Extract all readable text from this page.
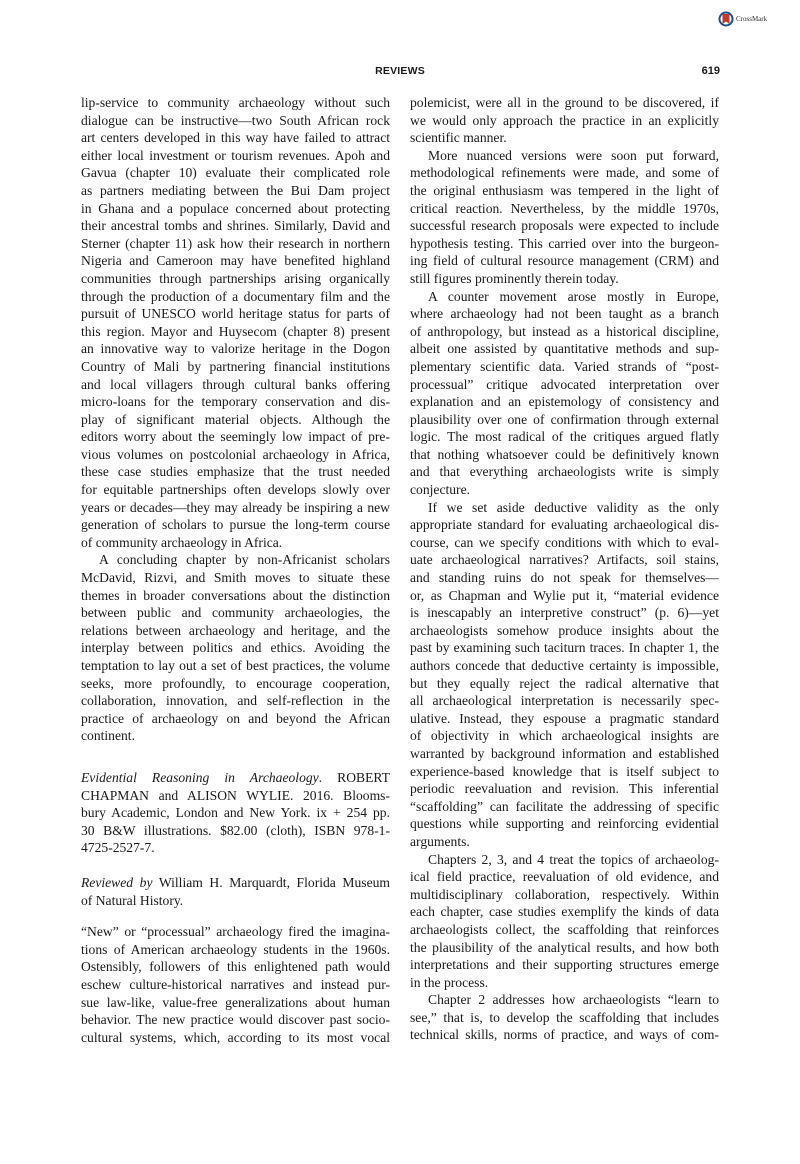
CrossMark
REVIEWS	619
lip-service to community archaeology without such
dialogue can be instructive—two South African rock
art centers developed in this way have failed to attract
either local investment or tourism revenues. Apoh and
Gavua (chapter 10) evaluate their complicated role
as partners mediating between the Bui Dam project
in Ghana and a populace concerned about protecting
their ancestral tombs and shrines. Similarly, David and
Sterner (chapter 11) ask how their research in northern
Nigeria and Cameroon may have benefited highland
communities through partnerships arising organically
through the production of a documentary film and the
pursuit of UNESCO world heritage status for parts of
this region. Mayor and Huysecom (chapter 8) present
an innovative way to valorize heritage in the Dogon
Country of Mali by partnering financial institutions
and local villagers through cultural banks offering
micro-loans for the temporary conservation and dis-
play of significant material objects. Although the
editors worry about the seemingly low impact of pre-
vious volumes on postcolonial archaeology in Africa,
these case studies emphasize that the trust needed
for equitable partnerships often develops slowly over
years or decades—they may already be inspiring a new
generation of scholars to pursue the long-term course
of community archaeology in Africa.
A concluding chapter by non-Africanist scholars
McDavid, Rizvi, and Smith moves to situate these
themes in broader conversations about the distinction
between public and community archaeologies, the
relations between archaeology and heritage, and the
interplay between politics and ethics. Avoiding the
temptation to lay out a set of best practices, the volume
seeks, more profoundly, to encourage cooperation,
collaboration, innovation, and self-reflection in the
practice of archaeology on and beyond the African
continent.
Evidential Reasoning in Archaeology. ROBERT
CHAPMAN and ALISON WYLIE. 2016. Blooms-
bury Academic, London and New York. ix + 254 pp.
30 B&W illustrations. $82.00 (cloth), ISBN 978-1-
4725-2527-7.
Reviewed by William H. Marquardt, Florida Museum
of Natural History.
“New” or “processual” archaeology fired the imagina-
tions of American archaeology students in the 1960s.
Ostensibly, followers of this enlightened path would
eschew culture-historical narratives and instead pur-
sue law-like, value-free generalizations about human
behavior. The new practice would discover past socio-
cultural systems, which, according to its most vocal
polemicist, were all in the ground to be discovered, if
we would only approach the practice in an explicitly
scientific manner.
More nuanced versions were soon put forward,
methodological refinements were made, and some of
the original enthusiasm was tempered in the light of
critical reaction. Nevertheless, by the middle 1970s,
successful research proposals were expected to include
hypothesis testing. This carried over into the burgeon-
ing field of cultural resource management (CRM) and
still figures prominently therein today.
A counter movement arose mostly in Europe,
where archaeology had not been taught as a branch
of anthropology, but instead as a historical discipline,
albeit one assisted by quantitative methods and sup-
plementary scientific data. Varied strands of “post-
processual” critique advocated interpretation over
explanation and an epistemology of consistency and
plausibility over one of confirmation through external
logic. The most radical of the critiques argued flatly
that nothing whatsoever could be definitively known
and that everything archaeologists write is simply
conjecture.
If we set aside deductive validity as the only
appropriate standard for evaluating archaeological dis-
course, can we specify conditions with which to eval-
uate archaeological narratives? Artifacts, soil stains,
and standing ruins do not speak for themselves—
or, as Chapman and Wylie put it, “material evidence
is inescapably an interpretive construct” (p. 6)—yet
archaeologists somehow produce insights about the
past by examining such taciturn traces. In chapter 1, the
authors concede that deductive certainty is impossible,
but they equally reject the radical alternative that
all archaeological interpretation is necessarily spec-
ulative. Instead, they espouse a pragmatic standard
of objectivity in which archaeological insights are
warranted by background information and established
experience-based knowledge that is itself subject to
periodic reevaluation and revision. This inferential
“scaffolding” can facilitate the addressing of specific
questions while supporting and reinforcing evidential
arguments.
Chapters 2, 3, and 4 treat the topics of archaeolog-
ical field practice, reevaluation of old evidence, and
multidisciplinary collaboration, respectively. Within
each chapter, case studies exemplify the kinds of data
archaeologists collect, the scaffolding that reinforces
the plausibility of the analytical results, and how both
interpretations and their supporting structures emerge
in the process.
Chapter 2 addresses how archaeologists “learn to
see,” that is, to develop the scaffolding that includes
technical skills, norms of practice, and ways of com-
